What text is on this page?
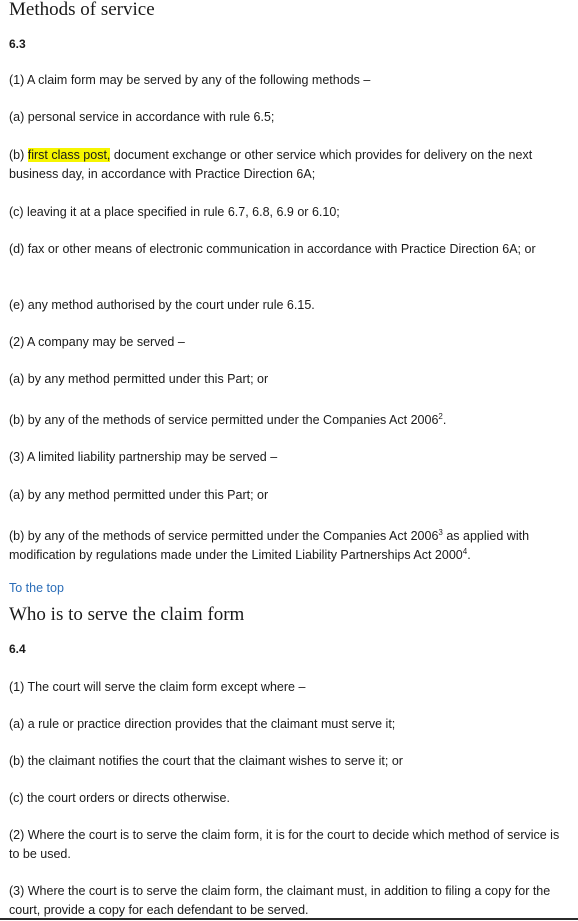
Methods of service
6.3
(1) A claim form may be served by any of the following methods –
(a) personal service in accordance with rule 6.5;
(b) first class post, document exchange or other service which provides for delivery on the next business day, in accordance with Practice Direction 6A;
(c) leaving it at a place specified in rule 6.7, 6.8, 6.9 or 6.10;
(d) fax or other means of electronic communication in accordance with Practice Direction 6A; or
(e) any method authorised by the court under rule 6.15.
(2) A company may be served –
(a) by any method permitted under this Part; or
(b) by any of the methods of service permitted under the Companies Act 2006$^2$.
(3) A limited liability partnership may be served –
(a) by any method permitted under this Part; or
(b) by any of the methods of service permitted under the Companies Act 2006$^3$ as applied with modification by regulations made under the Limited Liability Partnerships Act 2000$^4$.
To the top
Who is to serve the claim form
6.4
(1) The court will serve the claim form except where –
(a) a rule or practice direction provides that the claimant must serve it;
(b) the claimant notifies the court that the claimant wishes to serve it; or
(c) the court orders or directs otherwise.
(2) Where the court is to serve the claim form, it is for the court to decide which method of service is to be used.
(3) Where the court is to serve the claim form, the claimant must, in addition to filing a copy for the court, provide a copy for each defendant to be served.
